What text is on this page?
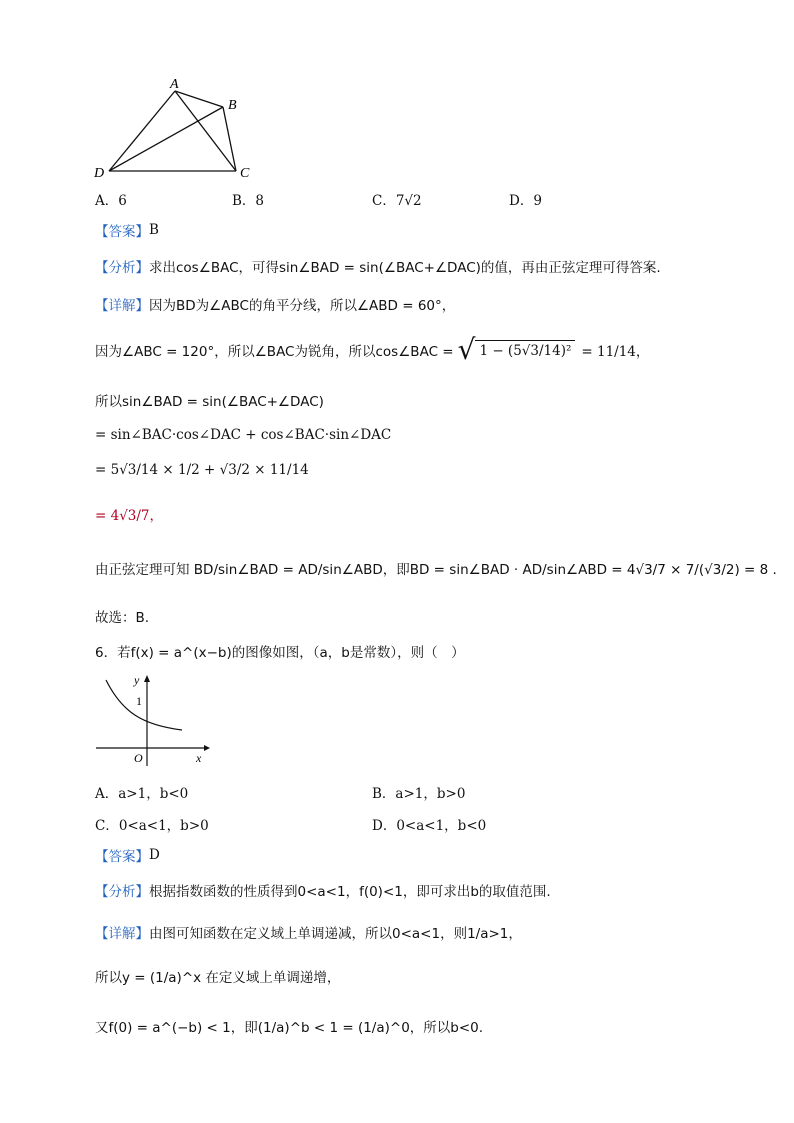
A
B
D	C
A．6	B．8	C．7√2	D．9
【答案】 B
【分析】 求出cos∠BAC，可得sin∠BAD = sin(∠BAC+∠DAC)的值，再由正弦定理可得答案.
【详解】 因为BD为∠ABC的角平分线，所以∠ABD = 60°，
因为∠ABC = 120°，所以∠BAC为锐角，所以cos∠BAC = √ 1 − (5√3/14)² = 11/14，
所以sin∠BAD = sin(∠BAC+∠DAC)
= sin∠BAC·cos∠DAC + cos∠BAC·sin∠DAC
= 5√3/14 × 1/2 + √3/2 × 11/14
= 4√3/7，
由正弦定理可知 BD/sin∠BAD = AD/sin∠ABD，即BD = sin∠BAD · AD/sin∠ABD = 4√3/7 × 7/(√3/2) = 8 .
故选：B.
6．若f(x) = a^(x−b)的图像如图，（a，b是常数），则（　）
y
1
O	x
A．a>1，b<0	B．a>1，b>0
C．0<a<1，b>0	D．0<a<1，b<0
【答案】 D
【分析】 根据指数函数的性质得到0<a<1，f(0)<1，即可求出b的取值范围.
【详解】 由图可知函数在定义域上单调递减，所以0<a<1，则1/a>1，
所以y = (1/a)^x 在定义域上单调递增，
又f(0) = a^(−b) < 1，即(1/a)^b < 1 = (1/a)^0，所以b<0.
